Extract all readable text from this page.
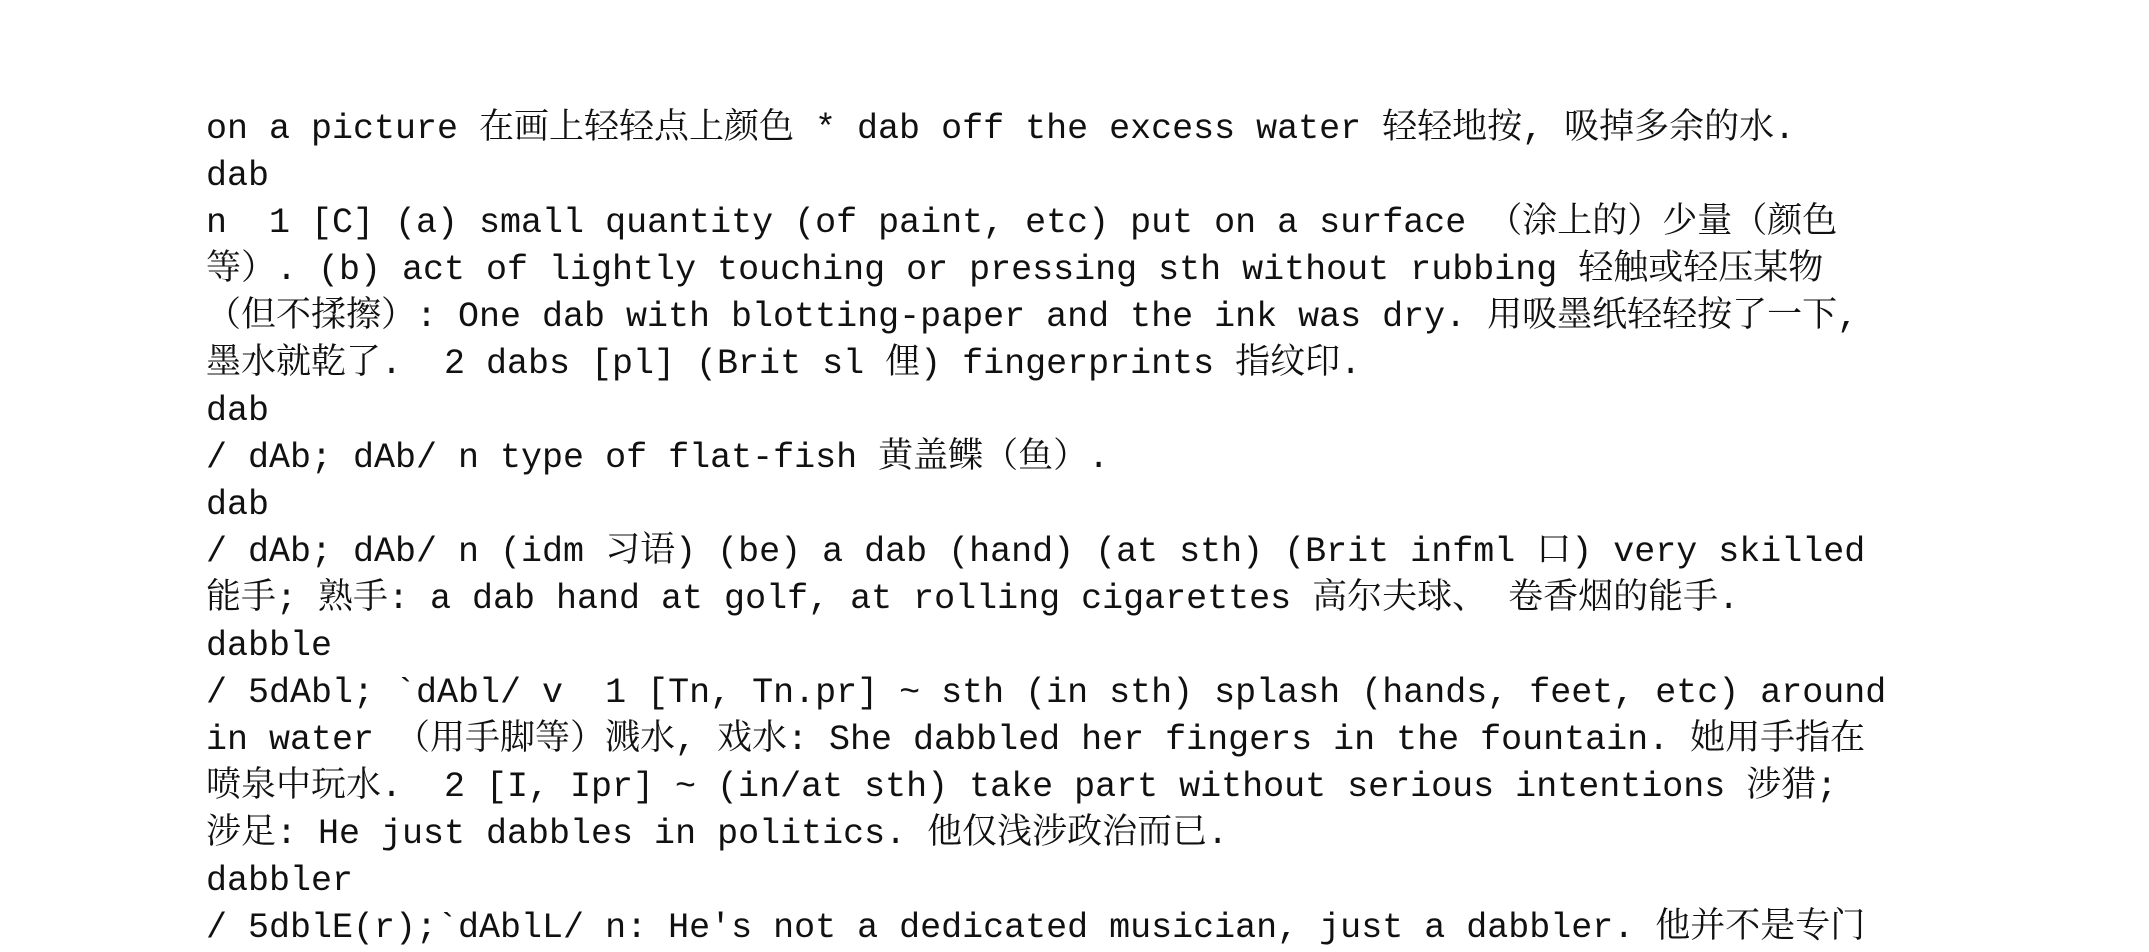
on a picture 在画上轻轻点上颜色 * dab off the excess water 轻轻地按, 吸掉多余的水.
dab
n  1 [C] (a) small quantity (of paint, etc) put on a surface （涂上的）少量（颜色
等）. (b) act of lightly touching or pressing sth without rubbing 轻触或轻压某物
（但不揉擦）: One dab with blotting-paper and the ink was dry. 用吸墨纸轻轻按了一下,
墨水就乾了.  2 dabs [pl] (Brit sl 俚) fingerprints 指纹印.
dab
/ dAb; dAb/ n type of flat-fish 黄盖鲽（鱼）.
dab
/ dAb; dAb/ n (idm 习语) (be) a dab (hand) (at sth) (Brit infml 口) very skilled
能手; 熟手: a dab hand at golf, at rolling cigarettes 高尔夫球、 卷香烟的能手.
dabble
/ 5dAbl; `dAbl/ v  1 [Tn, Tn.pr] ~ sth (in sth) splash (hands, feet, etc) around
in water （用手脚等）溅水, 戏水: She dabbled her fingers in the fountain. 她用手指在
喷泉中玩水.  2 [I, Ipr] ~ (in/at sth) take part without serious intentions 涉猎;
涉足: He just dabbles in politics. 他仅浅涉政治而已.
dabbler
/ 5dblE(r);`dAblL/ n: He's not a dedicated musician, just a dabbler. 他并不是专门
